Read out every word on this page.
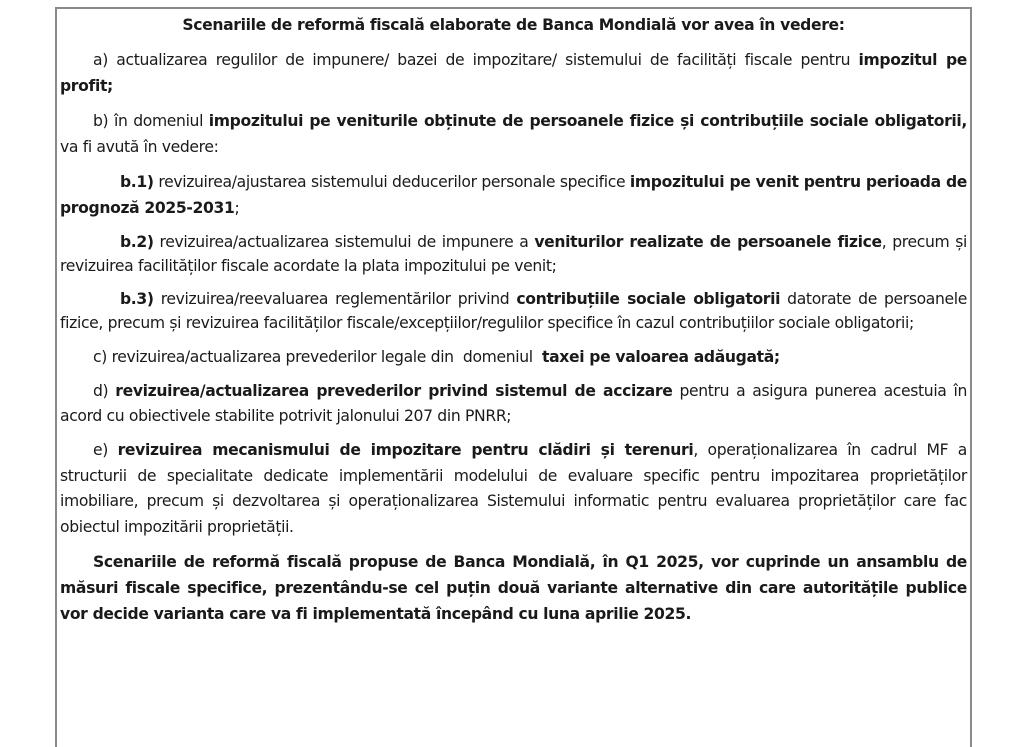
Scenariile de reformă fiscală elaborate de Banca Mondială vor avea în vedere:

a) actualizarea regulilor de impunere/ bazei de impozitare/ sistemului de facilități fiscale pentru impozitul pe profit;

b) în domeniul impozitului pe veniturile obținute de persoanele fizice și contribuțiile sociale obligatorii, va fi avută în vedere:

b.1) revizuirea/ajustarea sistemului deducerilor personale specifice impozitului pe venit pentru perioada de prognoză 2025-2031;

b.2) revizuirea/actualizarea sistemului de impunere a veniturilor realizate de persoanele fizice, precum și revizuirea facilităților fiscale acordate la plata impozitului pe venit;

b.3) revizuirea/reevaluarea reglementărilor privind contribuțiile sociale obligatorii datorate de persoanele fizice, precum și revizuirea facilităților fiscale/excepțiilor/regulilor specifice în cazul contribuțiilor sociale obligatorii;

c) revizuirea/actualizarea prevederilor legale din  domeniul  taxei pe valoarea adăugată;

d) revizuirea/actualizarea prevederilor privind sistemul de accizare pentru a asigura punerea acestuia în acord cu obiectivele stabilite potrivit jalonului 207 din PNRR;

e) revizuirea mecanismului de impozitare pentru clădiri și terenuri, operaționalizarea în cadrul MF a structurii de specialitate dedicate implementării modelului de evaluare specific pentru impozitarea proprietăților imobiliare, precum și dezvoltarea și operaționalizarea Sistemului informatic pentru evaluarea proprietăților care fac obiectul impozitării proprietății.

Scenariile de reformă fiscală propuse de Banca Mondială, în Q1 2025, vor cuprinde un ansamblu de măsuri fiscale specifice, prezentându-se cel puțin două variante alternative din care autoritățile publice vor decide varianta care va fi implementată începând cu luna aprilie 2025.
